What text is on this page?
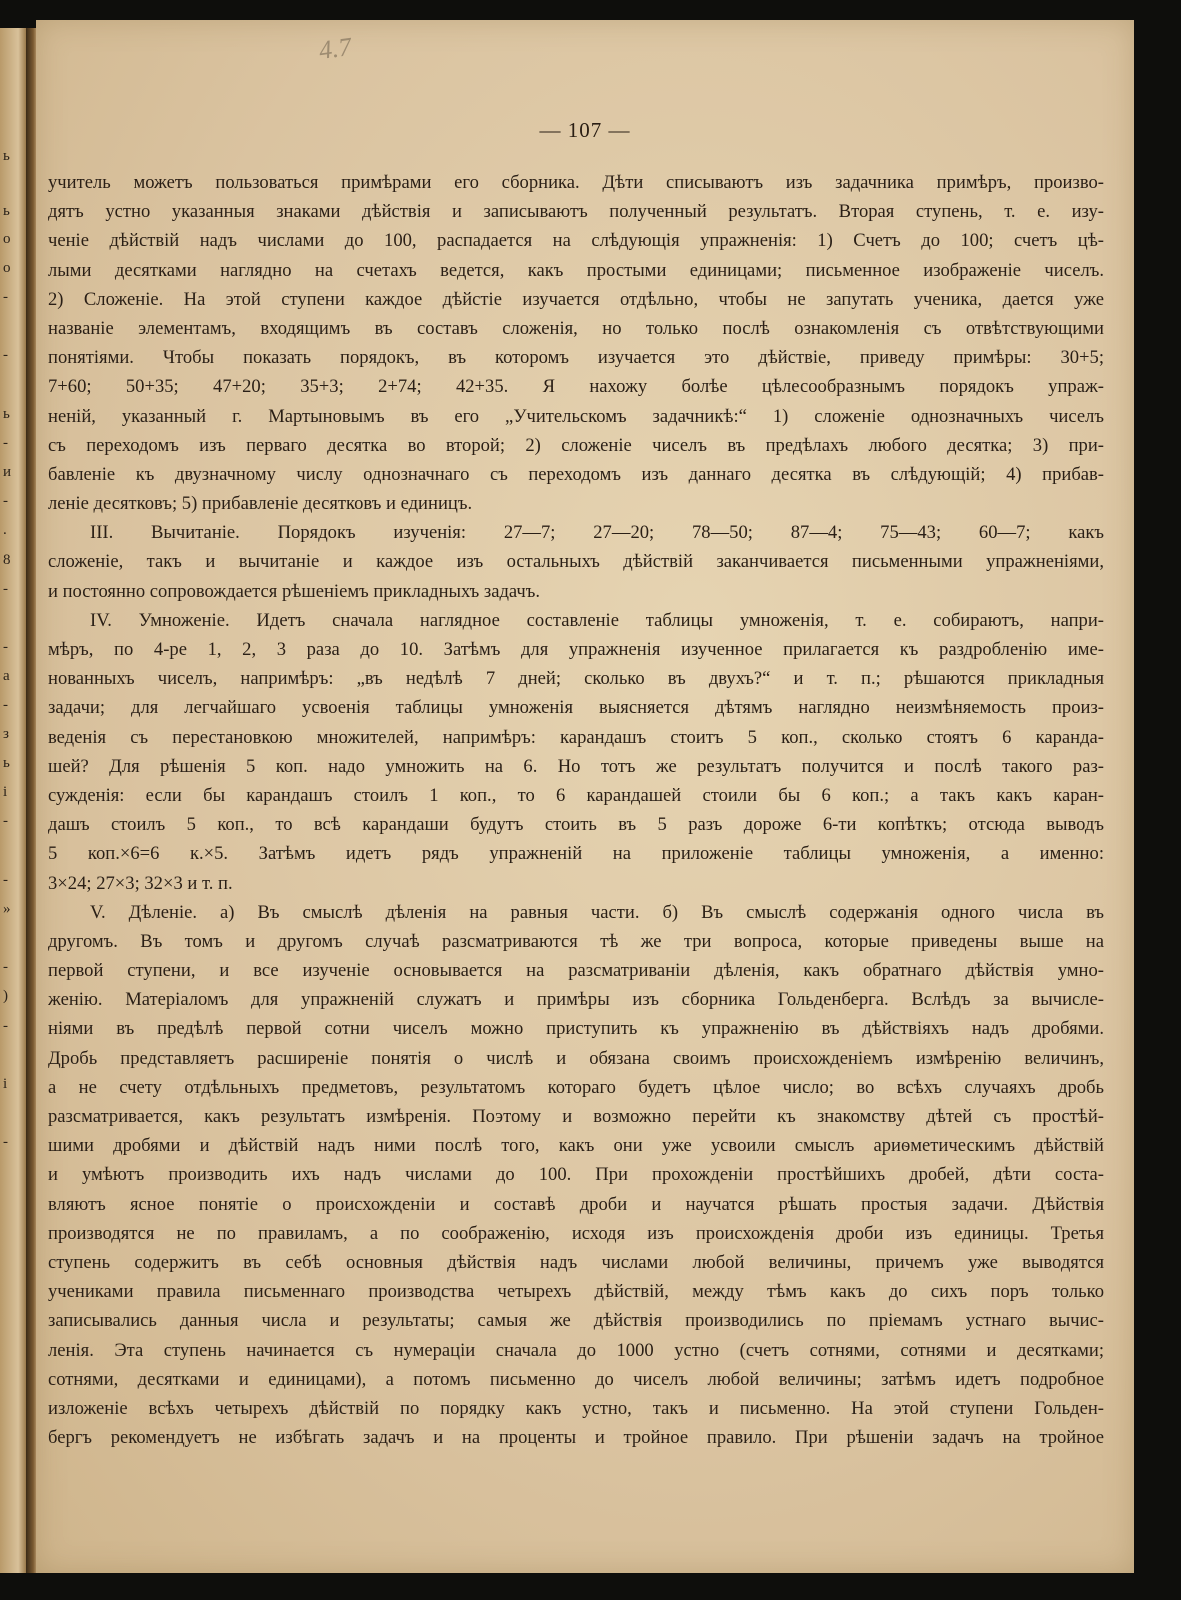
ь
ь
о
о
-
-
ь
-
и
-
.
8
-
-
а
-
з
ь
і
-
-
»
-
)
-
і
-
4.7
— 107 —
учитель можетъ пользоваться примѣрами его сборника. Дѣти списываютъ изъ задачника примѣръ, произво-
дятъ устно указанныя знаками дѣйствія и записываютъ полученный результатъ. Вторая ступень, т. е. изу-
ченіе дѣйствій надъ числами до 100, распадается на слѣдующія упражненія: 1) Счетъ до 100; счетъ цѣ-
лыми десятками наглядно на счетахъ ведется, какъ простыми единицами; письменное изображеніе чиселъ.
2) Сложеніе. На этой ступени каждое дѣйстіе изучается отдѣльно, чтобы не запутать ученика, дается уже
названіе элементамъ, входящимъ въ составъ сложенія, но только послѣ ознакомленія съ отвѣтствующими
понятіями. Чтобы показать порядокъ, въ которомъ изучается это дѣйствіе, приведу примѣры: 30+5;
7+60; 50+35; 47+20; 35+3; 2+74; 42+35. Я нахожу болѣе цѣлесообразнымъ порядокъ упраж-
неній, указанный г. Мартыновымъ въ его „Учительскомъ задачникѣ:“ 1) сложеніе однозначныхъ чиселъ
съ переходомъ изъ перваго десятка во второй; 2) сложеніе чиселъ въ предѣлахъ любого десятка; 3) при-
бавленіе къ двузначному числу однозначнаго съ переходомъ изъ даннаго десятка въ слѣдующій; 4) прибав-
леніе десятковъ; 5) прибавленіе десятковъ и единицъ.
III. Вычитаніе. Порядокъ изученія: 27—7; 27—20; 78—50; 87—4; 75—43; 60—7; какъ
сложеніе, такъ и вычитаніе и каждое изъ остальныхъ дѣйствій заканчивается письменными упражненіями,
и постоянно сопровождается рѣшеніемъ прикладныхъ задачъ.
IV. Умноженіе. Идетъ сначала наглядное составленіе таблицы умноженія, т. е. собираютъ, напри-
мѣръ, по 4-ре 1, 2, 3 раза до 10. Затѣмъ для упражненія изученное прилагается къ раздробленію име-
нованныхъ чиселъ, напримѣръ: „въ недѣлѣ 7 дней; сколько въ двухъ?“ и т. п.; рѣшаются прикладныя
задачи; для легчайшаго усвоенія таблицы умноженія выясняется дѣтямъ наглядно неизмѣняемость произ-
веденія съ перестановкою множителей, напримѣръ: карандашъ стоитъ 5 коп., сколько стоятъ 6 каранда-
шей? Для рѣшенія 5 коп. надо умножить на 6. Но тотъ же результатъ получится и послѣ такого раз-
сужденія: если бы карандашъ стоилъ 1 коп., то 6 карандашей стоили бы 6 коп.; а такъ какъ каран-
дашъ стоилъ 5 коп., то всѣ карандаши будутъ стоить въ 5 разъ дороже 6-ти копѣткъ; отсюда выводъ
5 коп.×6=6 к.×5. Затѣмъ идетъ рядъ упражненій на приложеніе таблицы умноженія, а именно:
3×24; 27×3; 32×3 и т. п.
V. Дѣленіе. а) Въ смыслѣ дѣленія на равныя части. б) Въ смыслѣ содержанія одного числа въ
другомъ. Въ томъ и другомъ случаѣ разсматриваются тѣ же три вопроса, которые приведены выше на
первой ступени, и все изученіе основывается на разсматриваніи дѣленія, какъ обратнаго дѣйствія умно-
женію. Матеріаломъ для упражненій служатъ и примѣры изъ сборника Гольденберга. Вслѣдъ за вычисле-
ніями въ предѣлѣ первой сотни чиселъ можно приступить къ упражненію въ дѣйствіяхъ надъ дробями.
Дробь представляетъ расширеніе понятія о числѣ и обязана своимъ происхожденіемъ измѣренію величинъ,
а не счету отдѣльныхъ предметовъ, результатомъ котораго будетъ цѣлое число; во всѣхъ случаяхъ дробь
разсматривается, какъ результатъ измѣренія. Поэтому и возможно перейти къ знакомству дѣтей съ простѣй-
шими дробями и дѣйствій надъ ними послѣ того, какъ они уже усвоили смыслъ ариѳметическимъ дѣйствій
и умѣютъ производить ихъ надъ числами до 100. При прохожденіи простѣйшихъ дробей, дѣти соста-
вляютъ ясное понятіе о происхожденіи и составѣ дроби и научатся рѣшать простыя задачи. Дѣйствія
производятся не по правиламъ, а по соображенію, исходя изъ происхожденія дроби изъ единицы. Третья
ступень содержитъ въ себѣ основныя дѣйствія надъ числами любой величины, причемъ уже выводятся
учениками правила письменнаго производства четырехъ дѣйствій, между тѣмъ какъ до сихъ поръ только
записывались данныя числа и результаты; самыя же дѣйствія производились по пріемамъ устнаго вычис-
ленія. Эта ступень начинается съ нумераціи сначала до 1000 устно (счетъ сотнями, сотнями и десятками;
сотнями, десятками и единицами), а потомъ письменно до чиселъ любой величины; затѣмъ идетъ подробное
изложеніе всѣхъ четырехъ дѣйствій по порядку какъ устно, такъ и письменно. На этой ступени Гольден-
бергъ рекомендуетъ не избѣгать задачъ и на проценты и тройное правило. При рѣшеніи задачъ на тройное
